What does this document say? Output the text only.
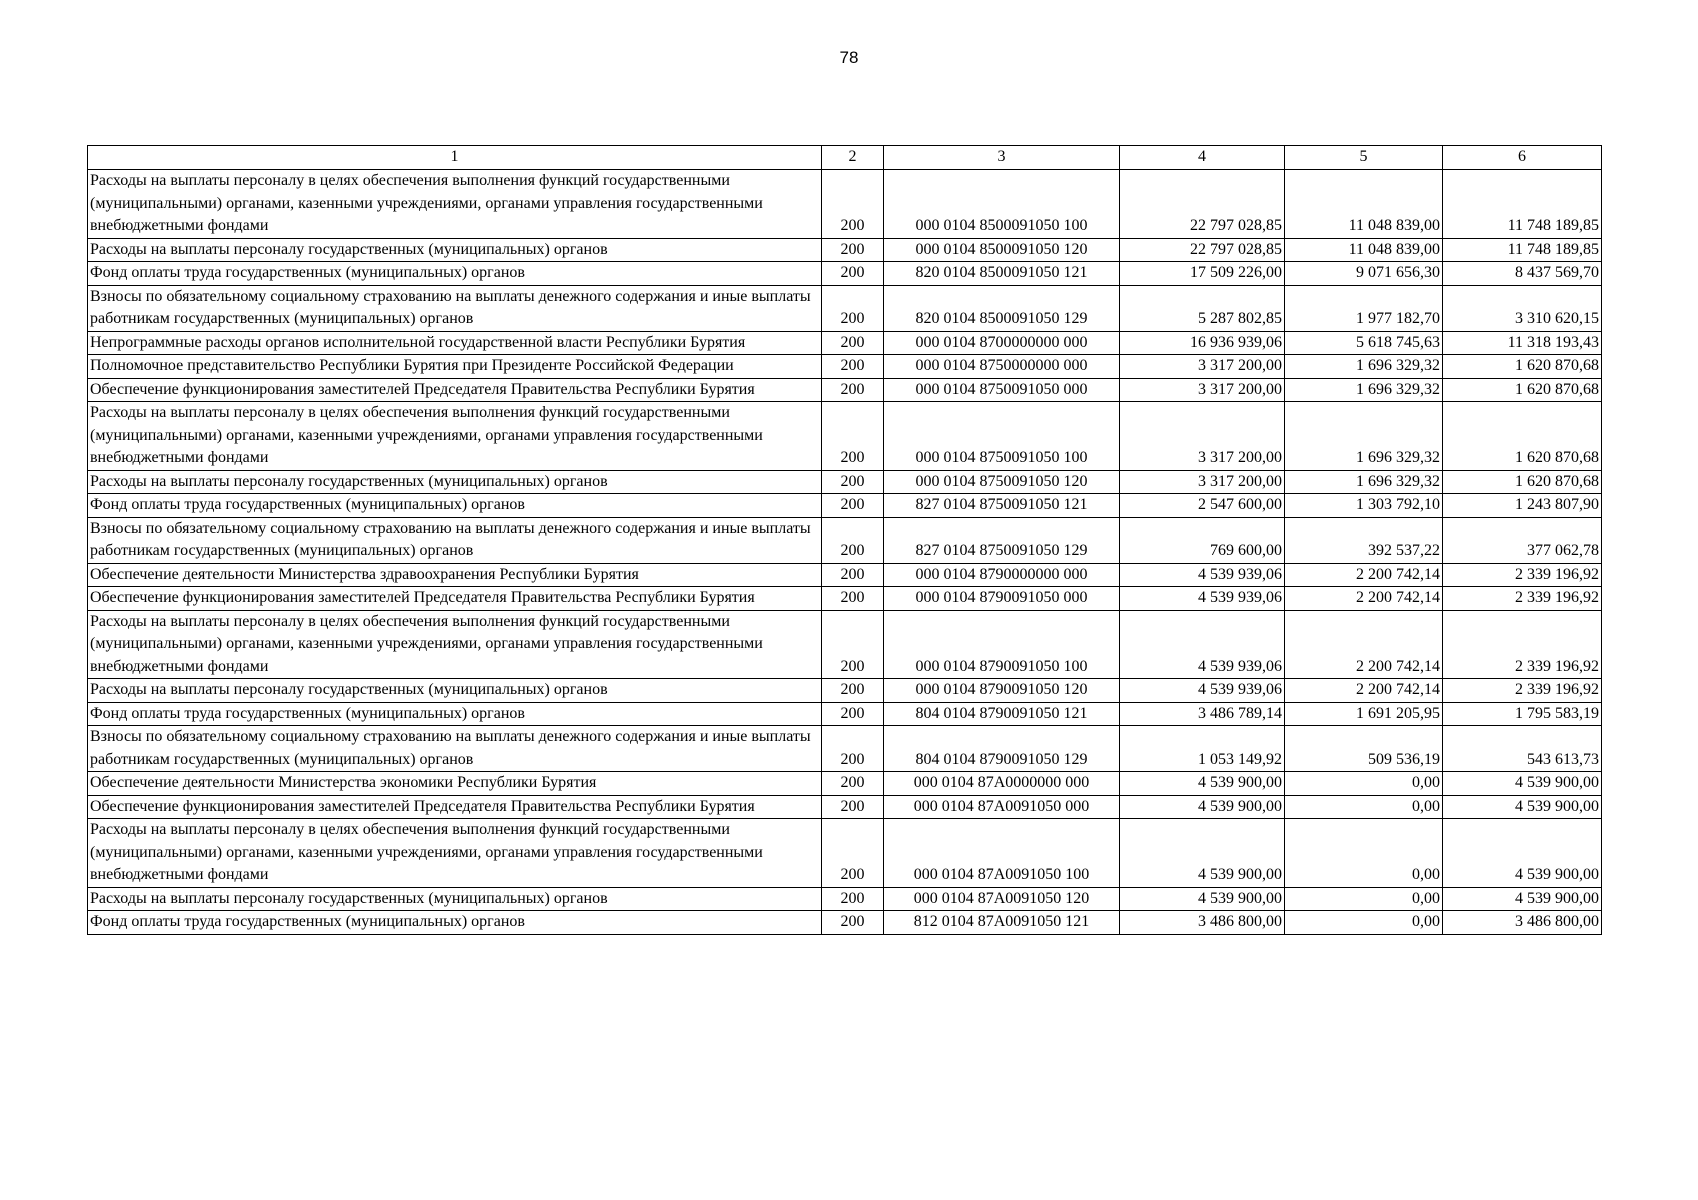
78
1	2	3	4	5	6
Расходы на выплаты персоналу в целях обеспечения выполнения функций государственными (муниципальными) органами, казенными учреждениями, органами управления государственными внебюджетными фондами	200	000 0104 8500091050 100	22 797 028,85	11 048 839,00	11 748 189,85
Расходы на выплаты персоналу государственных (муниципальных) органов	200	000 0104 8500091050 120	22 797 028,85	11 048 839,00	11 748 189,85
Фонд оплаты труда государственных (муниципальных) органов	200	820 0104 8500091050 121	17 509 226,00	9 071 656,30	8 437 569,70
Взносы по обязательному социальному страхованию на выплаты денежного содержания и иные выплаты работникам государственных (муниципальных) органов	200	820 0104 8500091050 129	5 287 802,85	1 977 182,70	3 310 620,15
Непрограммные расходы органов исполнительной государственной власти Республики Бурятия	200	000 0104 8700000000 000	16 936 939,06	5 618 745,63	11 318 193,43
Полномочное представительство Республики Бурятия при Президенте Российской Федерации	200	000 0104 8750000000 000	3 317 200,00	1 696 329,32	1 620 870,68
Обеспечение функционирования заместителей Председателя Правительства Республики Бурятия	200	000 0104 8750091050 000	3 317 200,00	1 696 329,32	1 620 870,68
Расходы на выплаты персоналу в целях обеспечения выполнения функций государственными (муниципальными) органами, казенными учреждениями, органами управления государственными внебюджетными фондами	200	000 0104 8750091050 100	3 317 200,00	1 696 329,32	1 620 870,68
Расходы на выплаты персоналу государственных (муниципальных) органов	200	000 0104 8750091050 120	3 317 200,00	1 696 329,32	1 620 870,68
Фонд оплаты труда государственных (муниципальных) органов	200	827 0104 8750091050 121	2 547 600,00	1 303 792,10	1 243 807,90
Взносы по обязательному социальному страхованию на выплаты денежного содержания и иные выплаты работникам государственных (муниципальных) органов	200	827 0104 8750091050 129	769 600,00	392 537,22	377 062,78
Обеспечение деятельности Министерства здравоохранения Республики Бурятия	200	000 0104 8790000000 000	4 539 939,06	2 200 742,14	2 339 196,92
Обеспечение функционирования заместителей Председателя Правительства Республики Бурятия	200	000 0104 8790091050 000	4 539 939,06	2 200 742,14	2 339 196,92
Расходы на выплаты персоналу в целях обеспечения выполнения функций государственными (муниципальными) органами, казенными учреждениями, органами управления государственными внебюджетными фондами	200	000 0104 8790091050 100	4 539 939,06	2 200 742,14	2 339 196,92
Расходы на выплаты персоналу государственных (муниципальных) органов	200	000 0104 8790091050 120	4 539 939,06	2 200 742,14	2 339 196,92
Фонд оплаты труда государственных (муниципальных) органов	200	804 0104 8790091050 121	3 486 789,14	1 691 205,95	1 795 583,19
Взносы по обязательному социальному страхованию на выплаты денежного содержания и иные выплаты работникам государственных (муниципальных) органов	200	804 0104 8790091050 129	1 053 149,92	509 536,19	543 613,73
Обеспечение деятельности Министерства экономики Республики Бурятия	200	000 0104 87А0000000 000	4 539 900,00	0,00	4 539 900,00
Обеспечение функционирования заместителей Председателя Правительства Республики Бурятия	200	000 0104 87А0091050 000	4 539 900,00	0,00	4 539 900,00
Расходы на выплаты персоналу в целях обеспечения выполнения функций государственными (муниципальными) органами, казенными учреждениями, органами управления государственными внебюджетными фондами	200	000 0104 87А0091050 100	4 539 900,00	0,00	4 539 900,00
Расходы на выплаты персоналу государственных (муниципальных) органов	200	000 0104 87А0091050 120	4 539 900,00	0,00	4 539 900,00
Фонд оплаты труда государственных (муниципальных) органов	200	812 0104 87А0091050 121	3 486 800,00	0,00	3 486 800,00
